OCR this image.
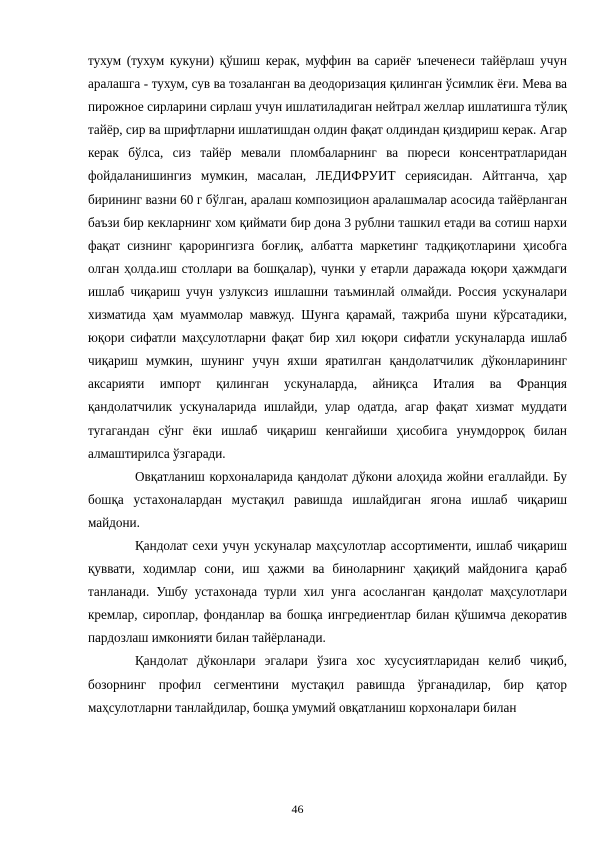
тухум (тухум кукуни) қўшиш керак, муффин ва сариёғ ъпеченеси тайёрлаш учун аралашга - тухум, сув ва тозаланган ва деодоризация қилинган ўсимлик ёғи. Мева ва пирожное сирларини сирлаш учун ишлатиладиган нейтрал желлар ишлатишга тўлиқ тайёр, сир ва шрифтларни ишлатишдан олдин фақат олдиндан қиздириш керак. Агар керак бўлса, сиз тайёр мевали пломбаларнинг ва пюреси консентратларидан фойдаланишингиз мумкин, масалан, ЛЕДИФРУИТ сериясидан. Айтганча, ҳар бирининг вазни 60 г бўлган, аралаш композицион аралашмалар асосида тайёрланган баъзи бир кекларнинг хом қиймати бир дона 3 рублни ташкил етади ва сотиш нархи фақат сизнинг қарорингизга боғлиқ, албатта маркетинг тадқиқотларини ҳисобга олган ҳолда.иш столлари ва бошқалар), чунки у етарли даражада юқори ҳажмдаги ишлаб чиқариш учун узлуксиз ишлашни таъминлай олмайди. Россия ускуналари хизматида ҳам муаммолар мавжуд. Шунга қарамай, тажриба шуни кўрсатадики, юқори сифатли маҳсулотларни фақат бир хил юқори сифатли ускуналарда ишлаб чиқариш мумкин, шунинг учун яхши яратилган қандолатчилик дўконларининг аксарияти импорт қилинган ускуналарда, айниқса Италия ва Франция қандолатчилик ускуналарида ишлайди, улар одатда, агар фақат хизмат муддати тугагандан сўнг ёки ишлаб чиқариш кенгайиши ҳисобига унумдорроқ билан алмаштирилса ўзгаради.

Овқатланиш корхоналарида қандолат дўкони алоҳида жойни егаллайди. Бу бошқа устахоналардан мустақил равишда ишлайдиган ягона ишлаб чиқариш майдони.

Қандолат сехи учун ускуналар маҳсулотлар ассортименти, ишлаб чиқариш қуввати, ходимлар сони, иш ҳажми ва биноларнинг ҳақиқий майдонига қараб танланади. Ушбу устахонада турли хил унга асосланган қандолат маҳсулотлари кремлар, сироплар, фонданлар ва бошқа ингредиентлар билан қўшимча декоратив пардозлаш имконияти билан тайёрланади.

Қандолат дўконлари эгалари ўзига хос хусусиятларидан келиб чиқиб, бозорнинг профил сегментини мустақил равишда ўрганадилар, бир қатор маҳсулотларни танлайдилар, бошқа умумий овқатланиш корхоналари билан

46
